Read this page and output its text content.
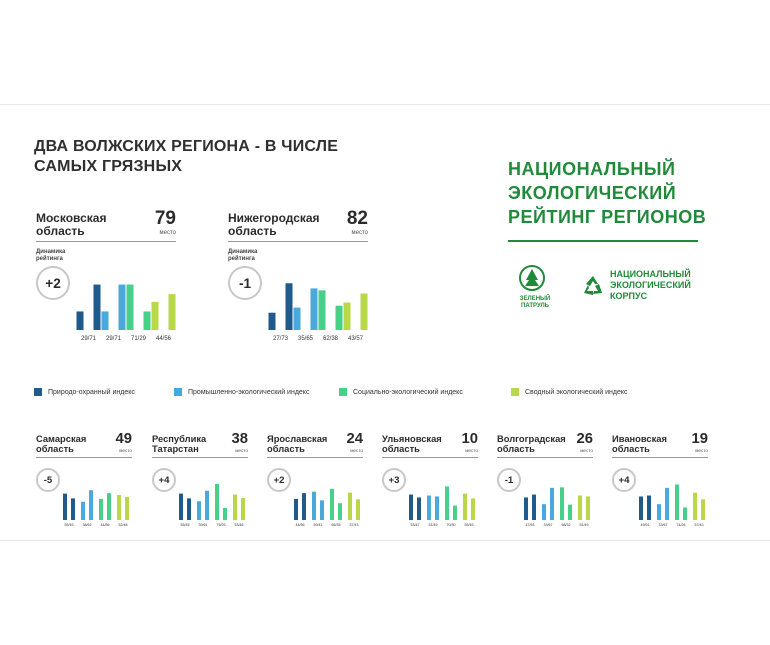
ДВА ВОЛЖСКИХ РЕГИОНА - В ЧИСЛЕ САМЫХ ГРЯЗНЫХ	НАЦИОНАЛЬНЫЙ ЭКОЛОГИЧЕСКИЙ РЕЙТИНГ РЕГИОНОВ
ЗЕЛЕНЫЙ ПАТРУЛЬ
НАЦИОНАЛЬНЫЙ ЭКОЛОГИЧЕСКИЙ КОРПУС
Природо-охранный индекс	Промышленно-экологический индекс	Социально-экологический индекс	Сводный экологический индекс
Московская область
79
место
Динамика рейтинга
+2
29/71 29/71 71/29 44/56
Нижегородская область
82
место
Динамика рейтинга
-1
27/73 35/65 62/38 43/57
Самарская область
49
место
-5
55/45	38/62	44/56	52/48
Республика Татарстан
38
место
+4
55/45	39/61	75/25	53/46
Ярославская область
24
место
+2
44/56	59/41	65/35	57/43
Ульяновская область
10
место
+3
53/47	51/49	70/30	55/45
Волгоградская область
26
место
-1
47/53	33/67	68/32	51/49
Ивановская область
19
место
+4
49/51	33/67	74/26	57/43
